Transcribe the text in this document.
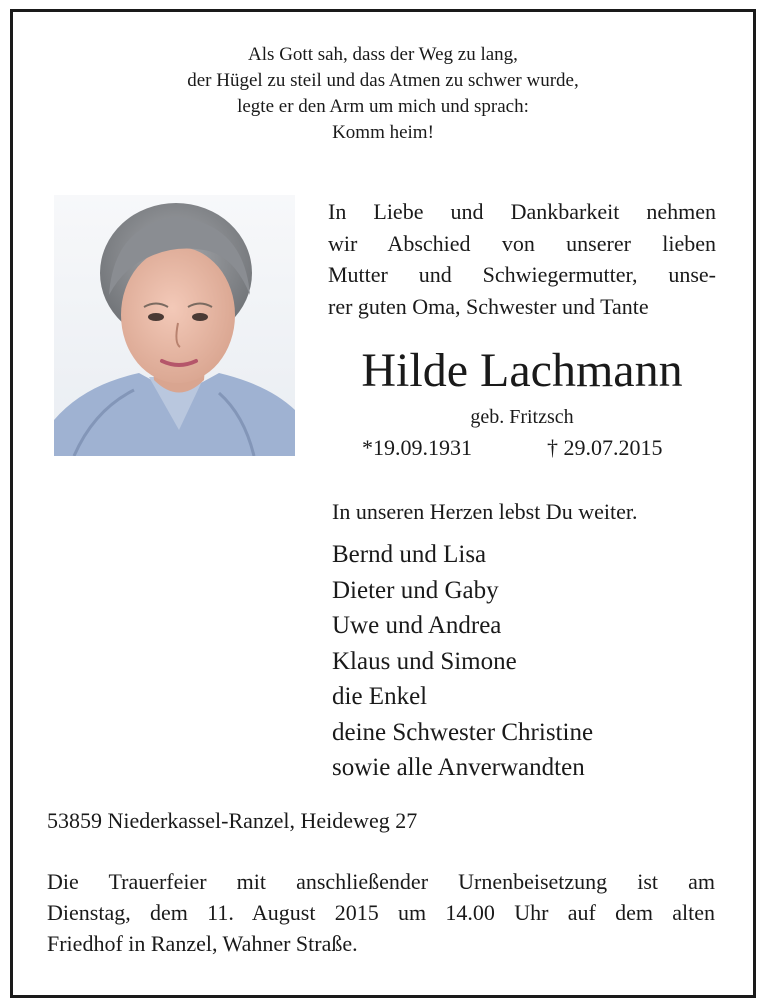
Als Gott sah, dass der Weg zu lang,
der Hügel zu steil und das Atmen zu schwer wurde,
legte er den Arm um mich und sprach:
Komm heim!
In Liebe und Dankbarkeit nehmen
wir Abschied von unserer lieben
Mutter und Schwiegermutter, unse-
rer guten Oma, Schwester und Tante
Hilde Lachmann
geb. Fritzsch
*19.09.1931	† 29.07.2015
In unseren Herzen lebst Du weiter.
Bernd und Lisa
Dieter und Gaby
Uwe und Andrea
Klaus und Simone
die Enkel
deine Schwester Christine
sowie alle Anverwandten
53859 Niederkassel-Ranzel, Heideweg 27
Die Trauerfeier mit anschließender Urnenbeisetzung ist am
Dienstag, dem 11. August 2015 um 14.00 Uhr auf dem alten
Friedhof in Ranzel, Wahner Straße.
